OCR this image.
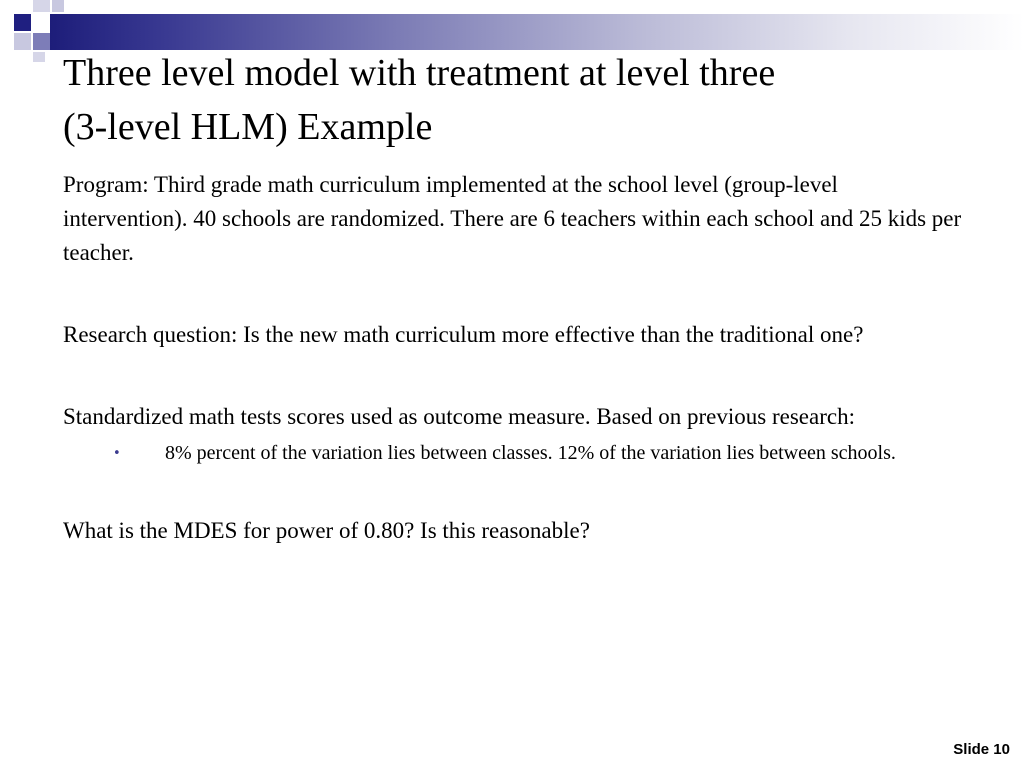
Three level model with treatment at level three
(3-level HLM) Example

Program: Third grade math curriculum implemented at the school level (group-level intervention). 40 schools are randomized. There are 6 teachers within each school and 25 kids per teacher.

Research question: Is the new math curriculum more effective than the traditional one?

Standardized math tests scores used as outcome measure. Based on previous research:

• 8% percent of the variation lies between classes. 12% of the variation lies between schools.

What is the MDES for power of 0.80? Is this reasonable?

Slide 10
